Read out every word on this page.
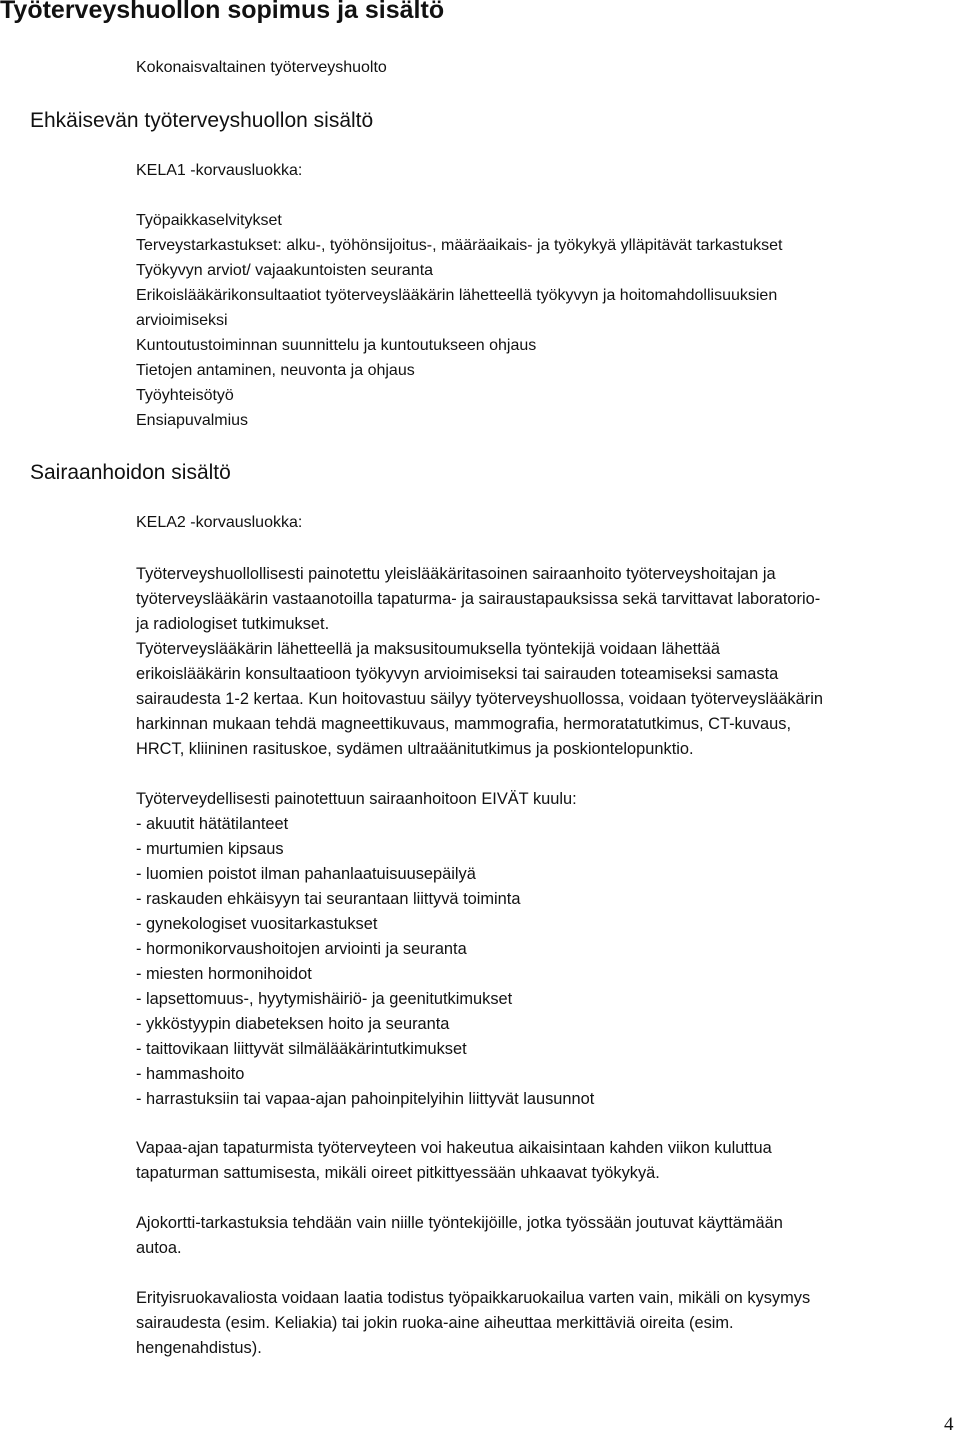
Työterveyshuollon sopimus ja sisältö
Kokonaisvaltainen työterveyshuolto
Ehkäisevän työterveyshuollon sisältö
KELA1 -korvausluokka:

Työpaikkaselvitykset

Terveystarkastukset: alku-, työhönsijoitus-, määräaikais- ja työkykyä ylläpitävät tarkastukset

Työkyvyn arviot/ vajaakuntoisten seuranta

Erikoislääkärikonsultaatiot työterveyslääkärin lähetteellä työkyvyn ja hoitomahdollisuuksien

arvioimiseksi

Kuntoutustoiminnan suunnittelu ja kuntoutukseen ohjaus

Tietojen antaminen, neuvonta ja ohjaus

Työyhteisötyö

Ensiapuvalmius

Sairaanhoidon sisältö
KELA2 -korvausluokka:

Työterveyshuollollisesti painotettu yleislääkäritasoinen sairaanhoito työterveyshoitajan ja

työterveyslääkärin vastaanotoilla tapaturma- ja sairaustapauksissa sekä tarvittavat laboratorio-

ja radiologiset tutkimukset.

Työterveyslääkärin lähetteellä ja maksusitoumuksella työntekijä voidaan lähettää

erikoislääkärin konsultaatioon työkyvyn arvioimiseksi tai sairauden toteamiseksi samasta

sairaudesta 1-2 kertaa. Kun hoitovastuu säilyy työterveyshuollossa, voidaan työterveyslääkärin

harkinnan mukaan tehdä magneettikuvaus, mammografia, hermoratatutkimus, CT-kuvaus,

HRCT, kliininen rasituskoe, sydämen ultraäänitutkimus ja poskiontelopunktio.

Työterveydellisesti painotettuun sairaanhoitoon EIVÄT kuulu:

- akuutit hätätilanteet

- murtumien kipsaus

- luomien poistot ilman pahanlaatuisuusepäilyä

- raskauden ehkäisyyn tai seurantaan liittyvä toiminta

- gynekologiset vuositarkastukset

- hormonikorvaushoitojen arviointi ja seuranta

- miesten hormonihoidot

- lapsettomuus-, hyytymishäiriö- ja geenitutkimukset

- ykköstyypin diabeteksen hoito ja seuranta

- taittovikaan liittyvät silmälääkärintutkimukset

- hammashoito

- harrastuksiin tai vapaa-ajan pahoinpitelyihin liittyvät lausunnot

Vapaa-ajan tapaturmista työterveyteen voi hakeutua aikaisintaan kahden viikon kuluttua

tapaturman sattumisesta, mikäli oireet pitkittyessään uhkaavat työkykyä.

Ajokortti-tarkastuksia tehdään vain niille työntekijöille, jotka työssään joutuvat käyttämään

autoa.

Erityisruokavaliosta voidaan laatia todistus työpaikkaruokailua varten vain, mikäli on kysymys

sairaudesta (esim. Keliakia) tai jokin ruoka-aine aiheuttaa merkittäviä oireita (esim.

hengenahdistus).

4
